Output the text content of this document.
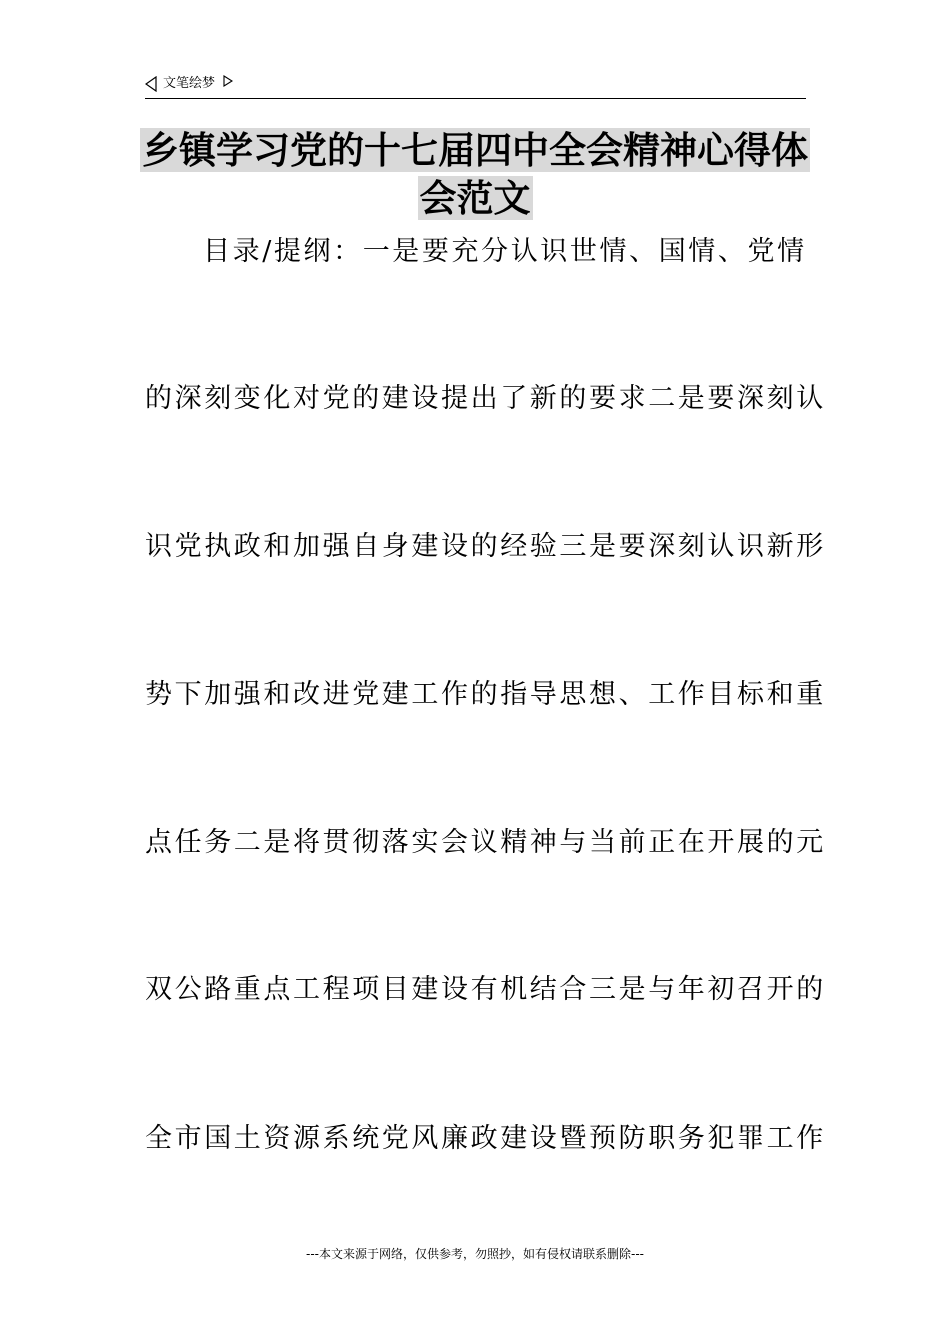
文笔绘梦
乡镇学习党的十七届四中全会精神心得体
会范文
目录/提纲：一是要充分认识世情、国情、党情
的深刻变化对党的建设提出了新的要求二是要深刻认
识党执政和加强自身建设的经验三是要深刻认识新形
势下加强和改进党建工作的指导思想、工作目标和重
点任务二是将贯彻落实会议精神与当前正在开展的元
双公路重点工程项目建设有机结合三是与年初召开的
全市国土资源系统党风廉政建设暨预防职务犯罪工作
---本文来源于网络，仅供参考，勿照抄，如有侵权请联系删除---
